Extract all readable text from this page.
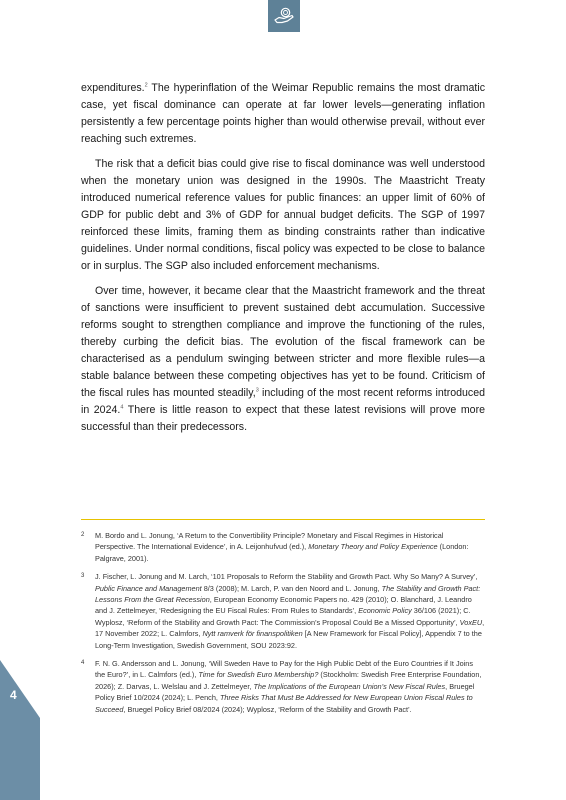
expenditures.$^2$ The hyperinflation of the Weimar Republic remains the most dramatic case, yet fiscal dominance can operate at far lower levels—generating inflation persistently a few percentage points higher than would otherwise prevail, without ever reaching such extremes.

The risk that a deficit bias could give rise to fiscal dominance was well understood when the monetary union was designed in the 1990s. The Maastricht Treaty introduced numerical reference values for public finances: an upper limit of 60% of GDP for public debt and 3% of GDP for annual budget deficits. The SGP of 1997 reinforced these limits, framing them as binding constraints rather than indicative guidelines. Under normal conditions, fiscal policy was expected to be close to balance or in surplus. The SGP also included enforcement mechanisms.

Over time, however, it became clear that the Maastricht framework and the threat of sanctions were insufficient to prevent sustained debt accumulation. Successive reforms sought to strengthen compliance and improve the functioning of the rules, thereby curbing the deficit bias. The evolution of the fiscal framework can be characterised as a pendulum swinging between stricter and more flexible rules—a stable balance between these competing objectives has yet to be found. Criticism of the fiscal rules has mounted steadily,$^3$ including of the most recent reforms introduced in 2024.$^4$ There is little reason to expect that these latest revisions will prove more successful than their predecessors.

2 M. Bordo and L. Jonung, ‘A Return to the Convertibility Principle? Monetary and Fiscal Regimes in Historical Perspective. The International Evidence’, in A. Leijonhufvud (ed.), Monetary Theory and Policy Experience (London: Palgrave, 2001).
3 J. Fischer, L. Jonung and M. Larch, ‘101 Proposals to Reform the Stability and Growth Pact. Why So Many? A Survey’, Public Finance and Management 8/3 (2008); M. Larch, P. van den Noord and L. Jonung, The Stability and Growth Pact: Lessons From the Great Recession, European Economy Economic Papers no. 429 (2010); O. Blanchard, J. Leandro and J. Zettelmeyer, ‘Redesigning the EU Fiscal Rules: From Rules to Standards’, Economic Policy 36/106 (2021); C. Wyplosz, ‘Reform of the Stability and Growth Pact: The Commission’s Proposal Could Be a Missed Opportunity’, VoxEU, 17 November 2022; L. Calmfors, Nytt ramverk för finanspolitiken [A New Framework for Fiscal Policy], Appendix 7 to the Long-Term Investigation, Swedish Government, SOU 2023:92.
4 F. N. G. Andersson and L. Jonung, ‘Will Sweden Have to Pay for the High Public Debt of the Euro Countries if It Joins the Euro?’, in L. Calmfors (ed.), Time for Swedish Euro Membership? (Stockholm: Swedish Free Enterprise Foundation, 2026); Z. Darvas, L. Welslau and J. Zettelmeyer, The Implications of the European Union’s New Fiscal Rules, Bruegel Policy Brief 10/2024 (2024); L. Pench, Three Risks That Must Be Addressed for New European Union Fiscal Rules to Succeed, Bruegel Policy Brief 08/2024 (2024); Wyplosz, ‘Reform of the Stability and Growth Pact’.
4
